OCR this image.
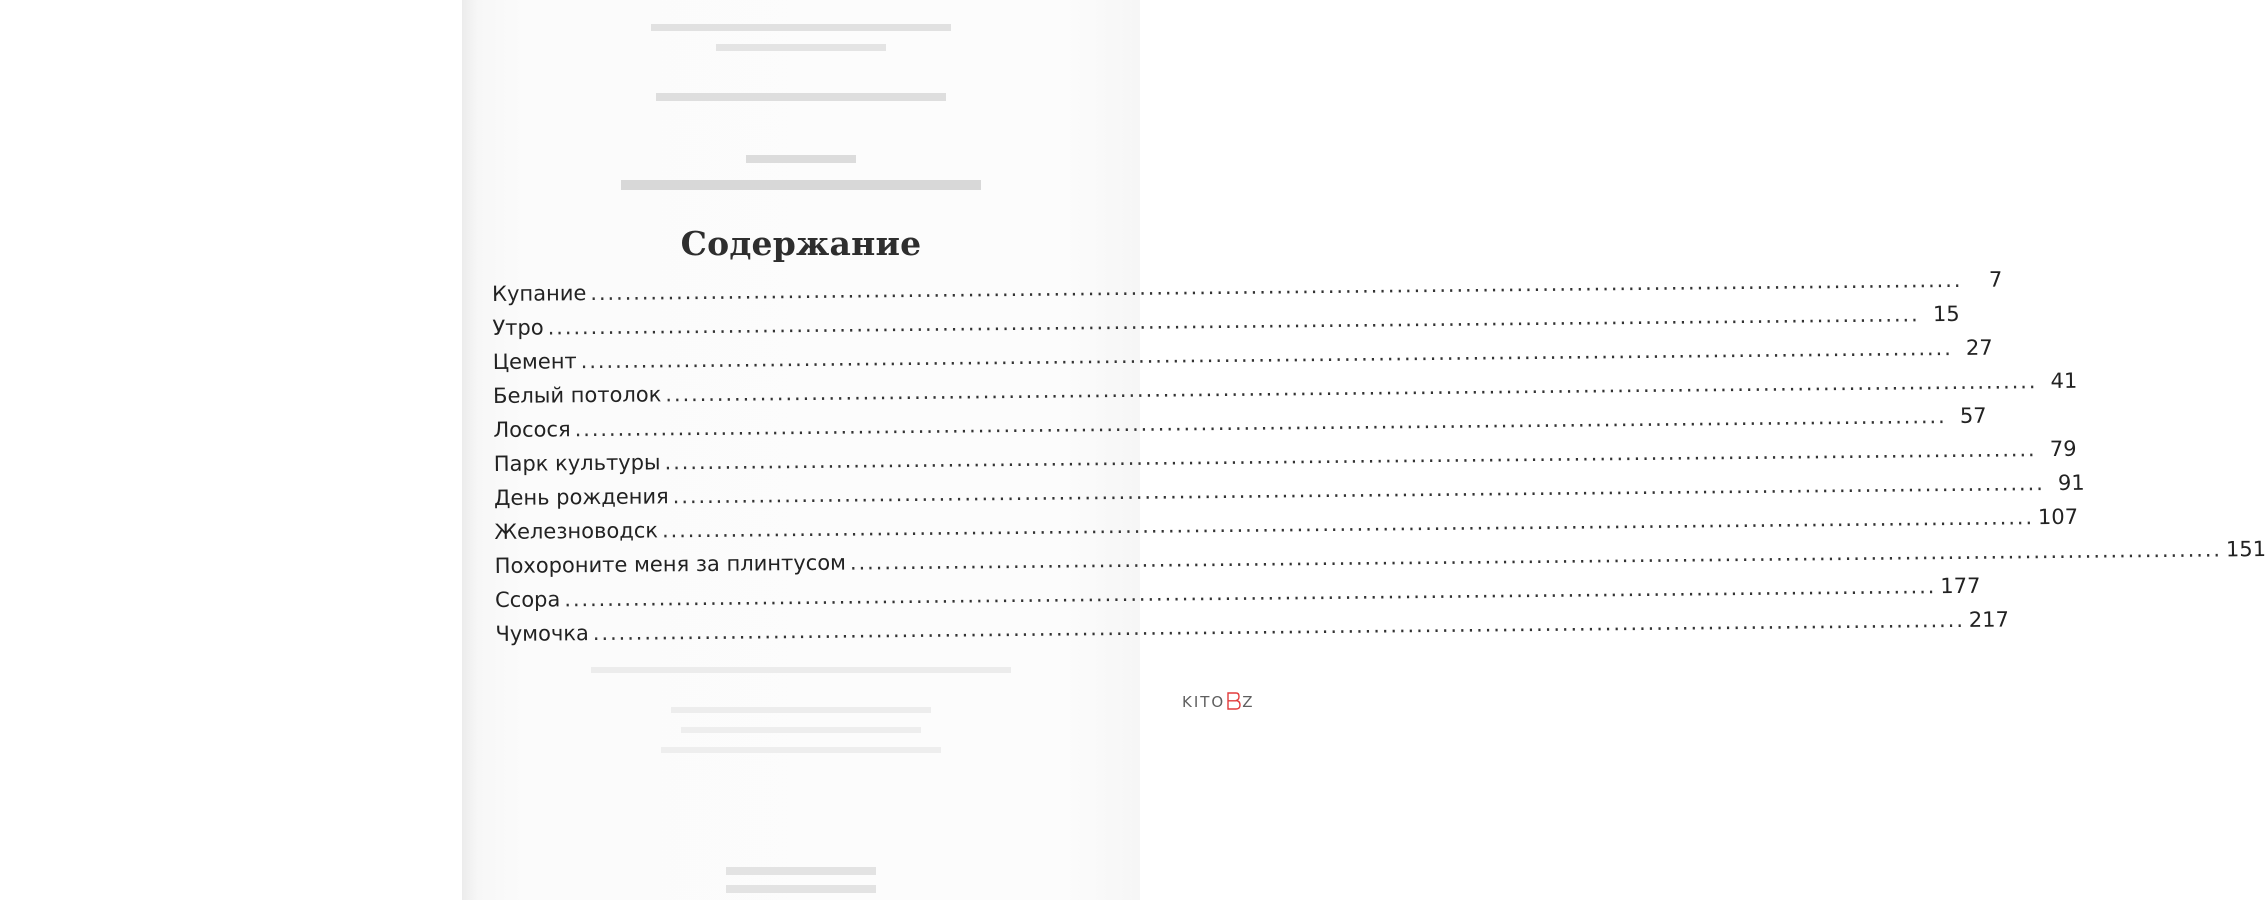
Содержание
Купание ................................................................................................................................................................	7
Утро ................................................................................................................................................................ 15
Цемент ................................................................................................................................................................ 27
Белый потолок ................................................................................................................................................................ 41
Лосося ................................................................................................................................................................ 57
Парк культуры ................................................................................................................................................................ 79
День рождения ................................................................................................................................................................ 91
Железноводск ................................................................................................................................................................ 107
Похороните меня за плинтусом ................................................................................................................................................................ 151
Ссора ................................................................................................................................................................ 177
Чумочка ................................................................................................................................................................ 217
KITO Z
